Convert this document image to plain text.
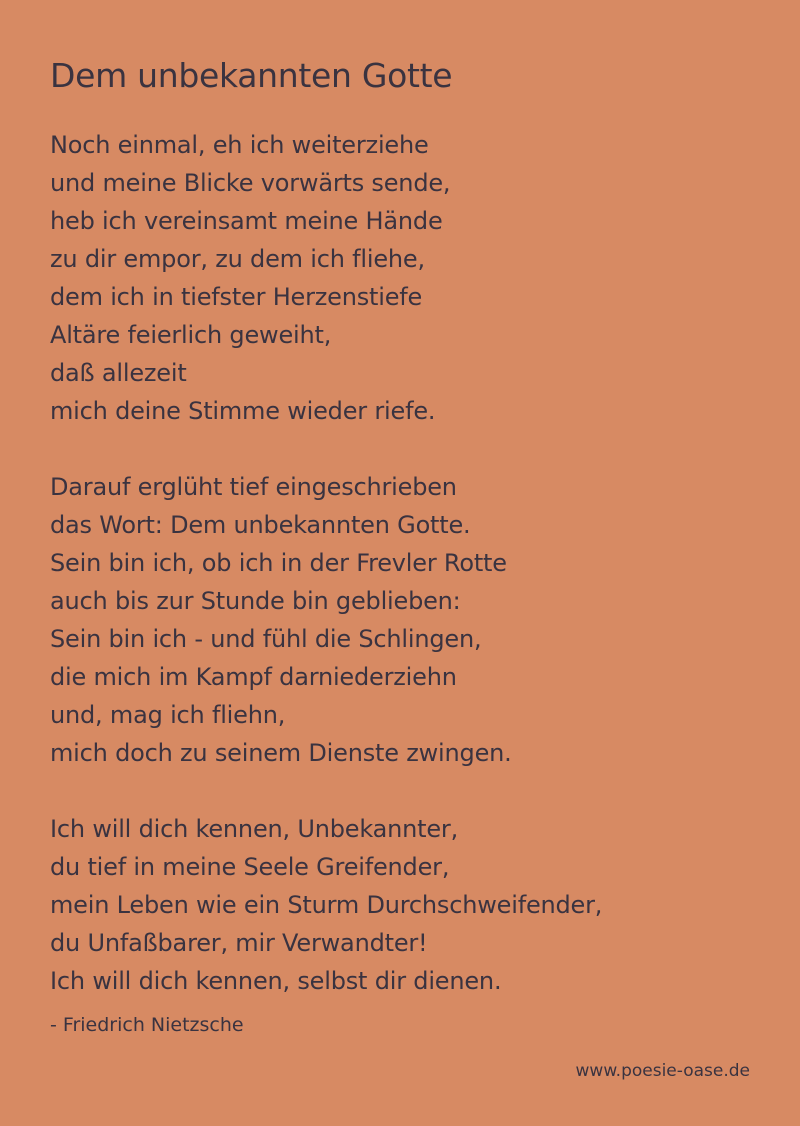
Dem unbekannten Gotte
Noch einmal, eh ich weiterziehe
und meine Blicke vorwärts sende,
heb ich vereinsamt meine Hände
zu dir empor, zu dem ich fliehe,
dem ich in tiefster Herzenstiefe
Altäre feierlich geweiht,
daß allezeit
mich deine Stimme wieder riefe.
Darauf erglüht tief eingeschrieben
das Wort: Dem unbekannten Gotte.
Sein bin ich, ob ich in der Frevler Rotte
auch bis zur Stunde bin geblieben:
Sein bin ich - und fühl die Schlingen,
die mich im Kampf darniederziehn
und, mag ich fliehn,
mich doch zu seinem Dienste zwingen.
Ich will dich kennen, Unbekannter,
du tief in meine Seele Greifender,
mein Leben wie ein Sturm Durchschweifender,
du Unfaßbarer, mir Verwandter!
Ich will dich kennen, selbst dir dienen.
- Friedrich Nietzsche
www.poesie-oase.de
